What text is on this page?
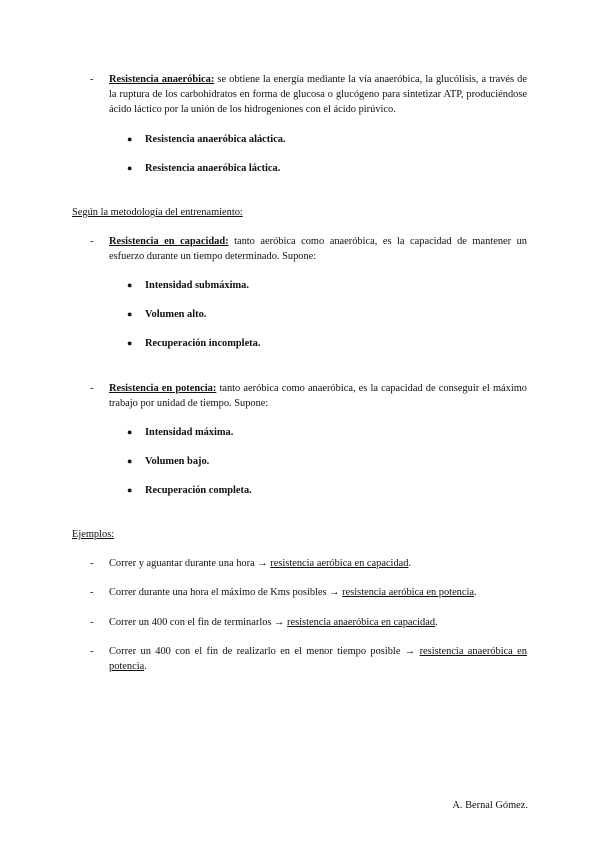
- Resistencia anaeróbica: se obtiene la energía mediante la vía anaeróbica, la glucólisis, a través de la ruptura de los carbohidratos en forma de glucosa o glucógeno para sintetizar ATP, produciéndose ácido láctico por la unión de los hidrogeniones con el ácido pirúvico.
● Resistencia anaeróbica aláctica.
● Resistencia anaeróbica láctica.
Según la metodología del entrenamiento:
- Resistencia en capacidad: tanto aeróbica como anaeróbica, es la capacidad de mantener un esfuerzo durante un tiempo determinado. Supone:
● Intensidad submáxima.
● Volumen alto.
● Recuperación incompleta.
- Resistencia en potencia: tanto aeróbica como anaeróbica, es la capacidad de conseguir el máximo trabajo por unidad de tiempo. Supone:
● Intensidad máxima.
● Volumen bajo.
● Recuperación completa.
Ejemplos:
- Correr y aguantar durante una hora → resistencia aeróbica en capacidad.
- Correr durante una hora el máximo de Kms posibles → resistencia aeróbica en potencia.
- Correr un 400 con el fin de terminarlos → resistencia anaeróbica en capacidad.
- Correr un 400 con el fin de realizarlo en el menor tiempo posible → resistencia anaeróbica en potencia.
A. Bernal Gómez.
